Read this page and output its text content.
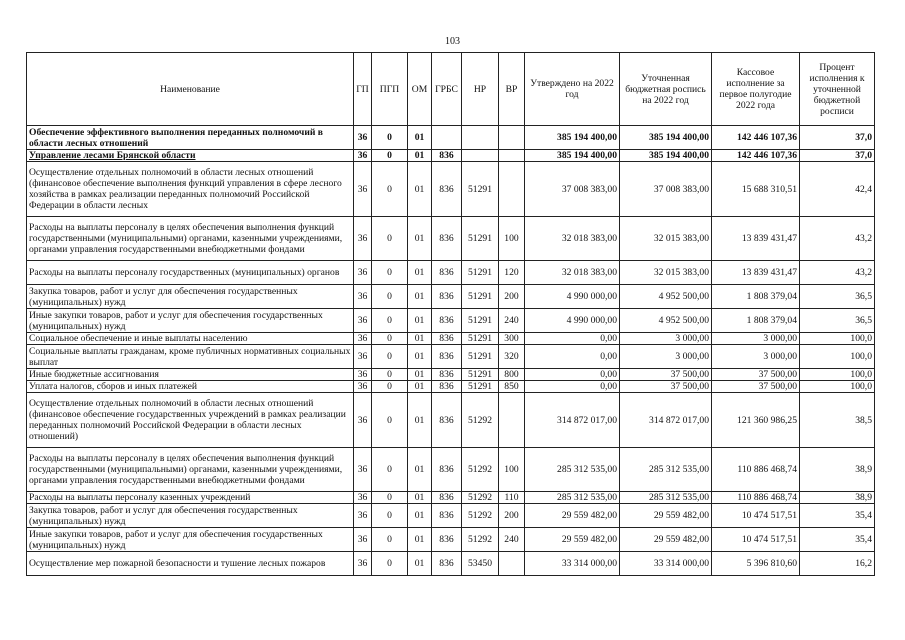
103
Наименование	ГП	ПГП	ОМ	ГРБС	НР	ВР	Утверждено на 2022 год	Уточненная бюджетная роспись на 2022 год	Кассовое исполнение за первое полугодие 2022 года	Процент исполнения к уточненной бюджетной росписи
Обеспечение эффективного выполнения переданных полномочий в области лесных отношений	36	0	01				385 194 400,00	385 194 400,00	142 446 107,36	37,0
Управление лесами Брянской области	36	0	01	836			385 194 400,00	385 194 400,00	142 446 107,36	37,0
Осуществление отдельных полномочий в области лесных отношений (финансовое обеспечение выполнения функций управления в сфере лесного хозяйства в рамках реализации переданных полномочий Российской Федерации в области лесных	36	0	01	836	51291		37 008 383,00	37 008 383,00	15 688 310,51	42,4
Расходы на выплаты персоналу в целях обеспечения выполнения функций государственными (муниципальными) органами, казенными учреждениями, органами управления государственными внебюджетными фондами	36	0	01	836	51291	100	32 018 383,00	32 015 383,00	13 839 431,47	43,2
Расходы на выплаты персоналу государственных (муниципальных) органов	36	0	01	836	51291	120	32 018 383,00	32 015 383,00	13 839 431,47	43,2
Закупка товаров, работ и услуг для обеспечения государственных (муниципальных) нужд	36	0	01	836	51291	200	4 990 000,00	4 952 500,00	1 808 379,04	36,5
Иные закупки товаров, работ и услуг для обеспечения государственных (муниципальных) нужд	36	0	01	836	51291	240	4 990 000,00	4 952 500,00	1 808 379,04	36,5
Социальное обеспечение и иные выплаты населению	36	0	01	836	51291	300	0,00	3 000,00	3 000,00	100,0
Социальные выплаты гражданам, кроме публичных нормативных социальных выплат	36	0	01	836	51291	320	0,00	3 000,00	3 000,00	100,0
Иные бюджетные ассигнования	36	0	01	836	51291	800	0,00	37 500,00	37 500,00	100,0
Уплата налогов, сборов и иных платежей	36	0	01	836	51291	850	0,00	37 500,00	37 500,00	100,0
Осуществление отдельных полномочий в области лесных отношений (финансовое обеспечение государственных учреждений в рамках реализации переданных полномочий Российской Федерации в области лесных отношений)	36	0	01	836	51292		314 872 017,00	314 872 017,00	121 360 986,25	38,5
Расходы на выплаты персоналу в целях обеспечения выполнения функций государственными (муниципальными) органами, казенными учреждениями, органами управления государственными внебюджетными фондами	36	0	01	836	51292	100	285 312 535,00	285 312 535,00	110 886 468,74	38,9
Расходы на выплаты персоналу казенных учреждений	36	0	01	836	51292	110	285 312 535,00	285 312 535,00	110 886 468,74	38,9
Закупка товаров, работ и услуг для обеспечения государственных (муниципальных) нужд	36	0	01	836	51292	200	29 559 482,00	29 559 482,00	10 474 517,51	35,4
Иные закупки товаров, работ и услуг для обеспечения государственных (муниципальных) нужд	36	0	01	836	51292	240	29 559 482,00	29 559 482,00	10 474 517,51	35,4
Осуществление мер пожарной безопасности и тушение лесных пожаров	36	0	01	836	53450		33 314 000,00	33 314 000,00	5 396 810,60	16,2
